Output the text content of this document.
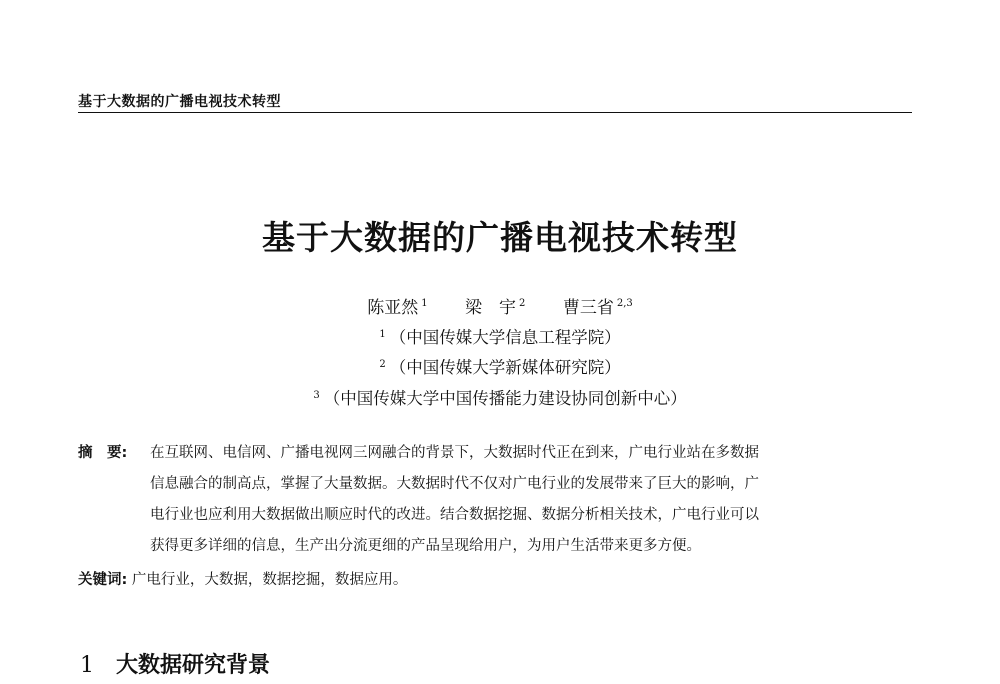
基于大数据的广播电视技术转型
基于大数据的广播电视技术转型
陈亚然 $^1$ 梁　宇 $^2$ 曹三省 $^{2,3}$
$^1$ （中国传媒大学信息工程学院）
$^2$ （中国传媒大学新媒体研究院）
$^3$ （中国传媒大学中国传播能力建设协同创新中心）
摘　要: 在互联网、电信网、广播电视网三网融合的背景下，大数据时代正在到来，广电行业站在多数据
信息融合的制高点，掌握了大量数据。大数据时代不仅对广电行业的发展带来了巨大的影响，广
电行业也应利用大数据做出顺应时代的改进。结合数据挖掘、数据分析相关技术，广电行业可以
获得更多详细的信息，生产出分流更细的产品呈现给用户，为用户生活带来更多方便。
关键词: 广电行业，大数据，数据挖掘，数据应用。
1 大数据研究背景
